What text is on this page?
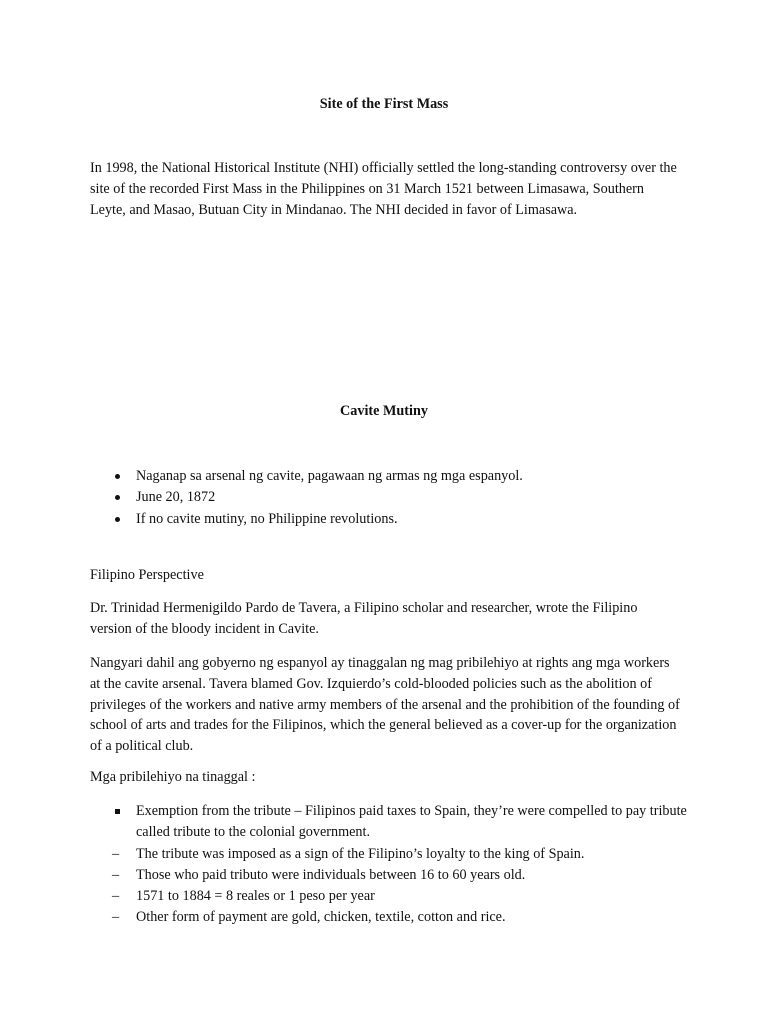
Site of the First Mass

In 1998, the National Historical Institute (NHI) officially settled the long-standing controversy over the site of the recorded First Mass in the Philippines on 31 March 1521 between Limasawa, Southern Leyte, and Masao, Butuan City in Mindanao. The NHI decided in favor of Limasawa.

Cavite Mutiny
Naganap sa arsenal ng cavite, pagawaan ng armas ng mga espanyol.
June 20, 1872
If no cavite mutiny, no Philippine revolutions.

Filipino Perspective

Dr. Trinidad Hermenigildo Pardo de Tavera, a Filipino scholar and researcher, wrote the Filipino version of the bloody incident in Cavite.

Nangyari dahil ang gobyerno ng espanyol ay tinaggalan ng mag pribilehiyo at rights ang mga workers at the cavite arsenal. Tavera blamed Gov. Izquierdo’s cold-blooded policies such as the abolition of privileges of the workers and native army members of the arsenal and the prohibition of the founding of school of arts and trades for the Filipinos, which the general believed as a cover-up for the organization of a political club.

Mga pribilehiyo na tinaggal :

Exemption from the tribute – Filipinos paid taxes to Spain, they’re were compelled to pay tribute called tribute to the colonial government.
The tribute was imposed as a sign of the Filipino’s loyalty to the king of Spain.
Those who paid tributo were individuals between 16 to 60 years old.
1571 to 1884 = 8 reales or 1 peso per year
Other form of payment are gold, chicken, textile, cotton and rice.
